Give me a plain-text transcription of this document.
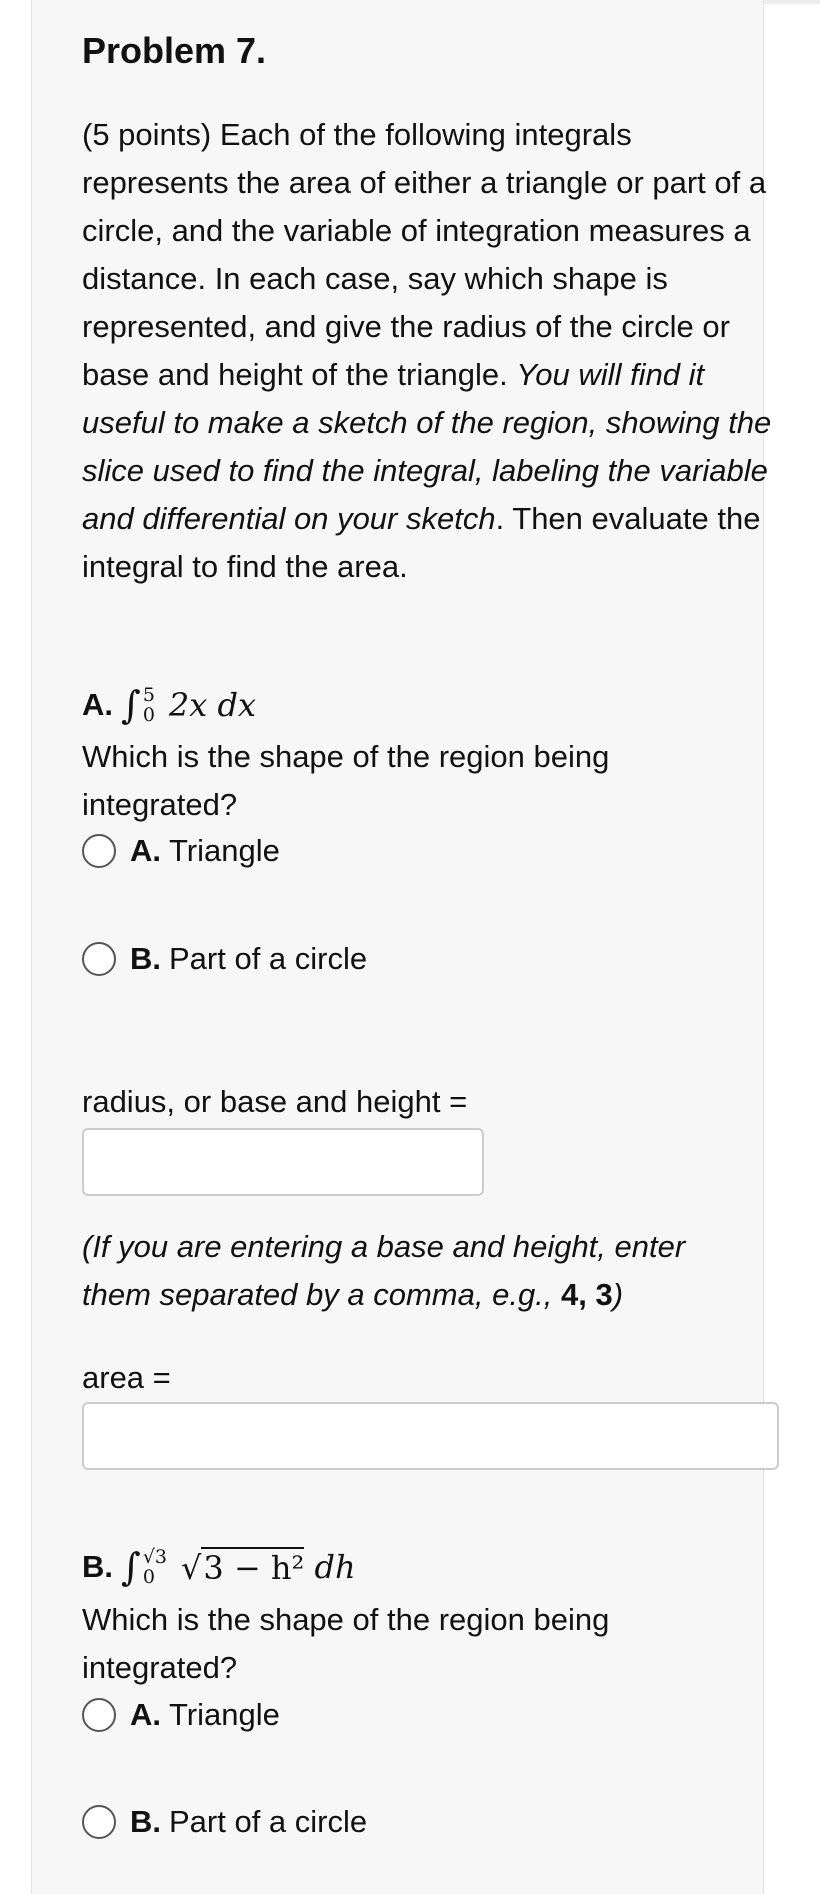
Problem 7.
(5 points) Each of the following integrals represents the area of either a triangle or part of a circle, and the variable of integration measures a distance. In each case, say which shape is represented, and give the radius of the circle or base and height of the triangle. You will find it useful to make a sketch of the region, showing the slice used to find the integral, labeling the variable and differential on your sketch. Then evaluate the integral to find the area.
A. ∫ 5
0 2x
dx
Which is the shape of the region being integrated?
A. Triangle
B. Part of a circle
radius, or base and height =
(If you are entering a base and height, enter them separated by a comma, e.g., 4, 3)
area =
B. ∫ √3
0 √ 3 − h²
dh
Which is the shape of the region being integrated?
A. Triangle
B. Part of a circle
